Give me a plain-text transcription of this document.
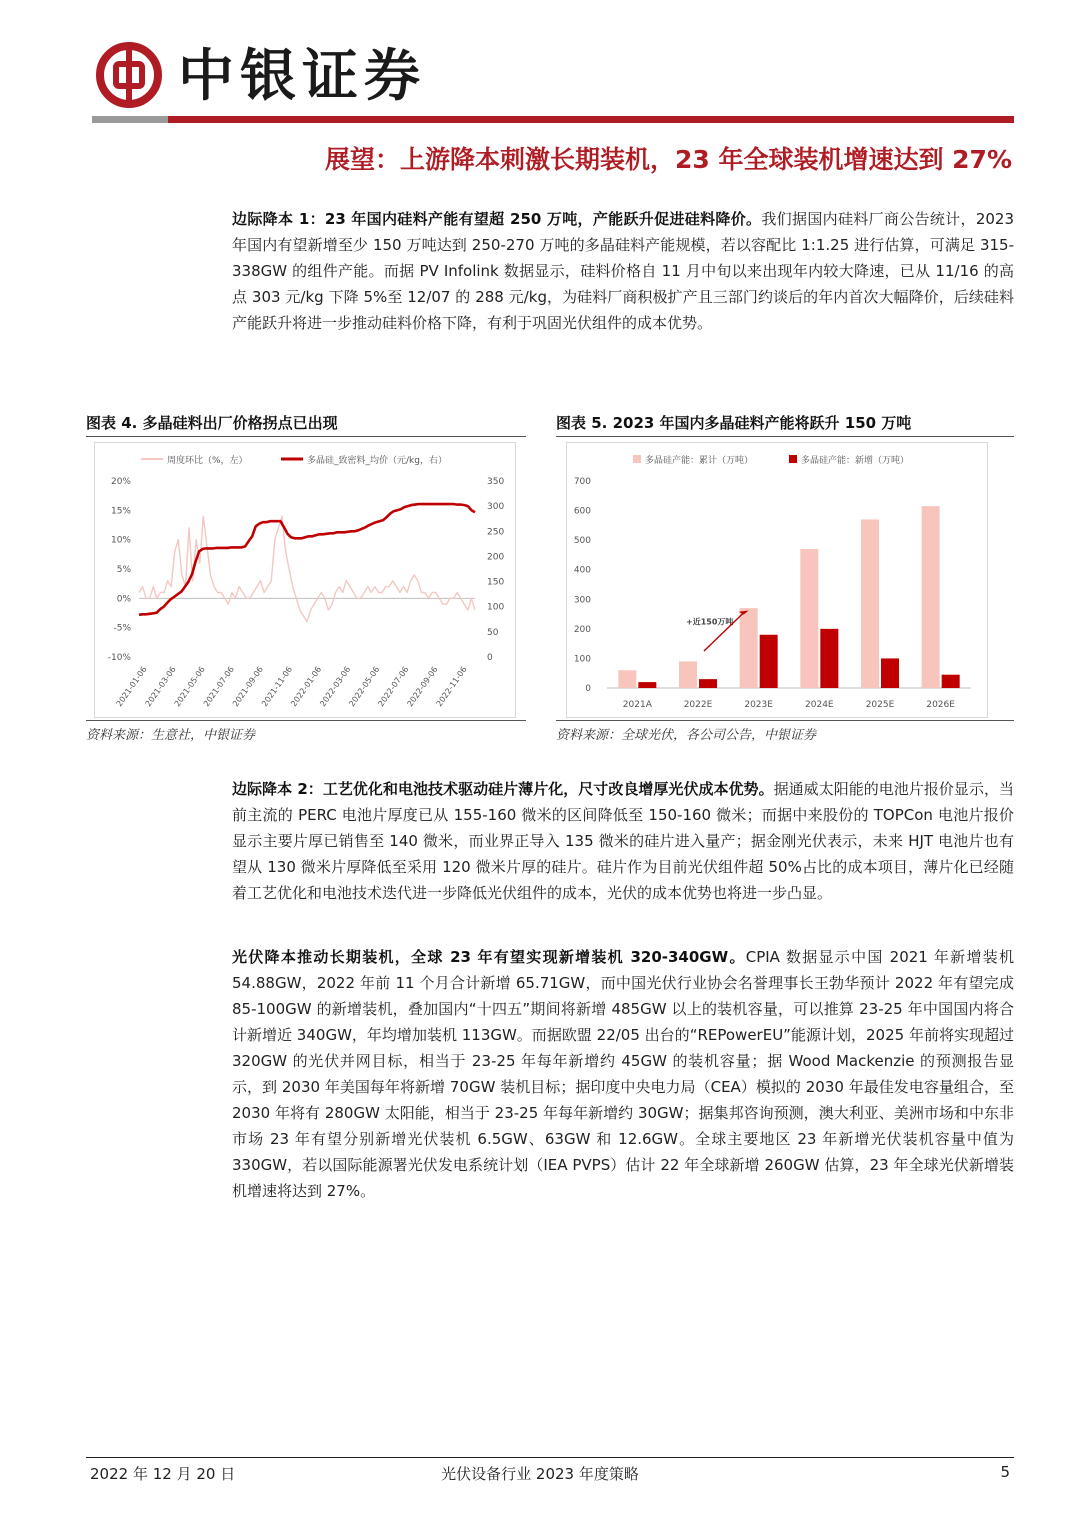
中银证券
展望：上游降本刺激长期装机，23 年全球装机增速达到 27%

边际降本 1：23 年国内硅料产能有望超 250 万吨，产能跃升促进硅料降价。我们据国内硅料厂商公告统计，2023 年国内有望新增至少 150 万吨达到 250-270 万吨的多晶硅料产能规模，若以容配比 1:1.25 进行估算，可满足 315-338GW 的组件产能。而据 PV Infolink 数据显示，硅料价格自 11 月中旬以来出现年内较大降速，已从 11/16 的高点 303 元/kg 下降 5%至 12/07 的 288 元/kg，为硅料厂商积极扩产且三部门约谈后的年内首次大幅降价，后续硅料产能跃升将进一步推动硅料价格下降，有利于巩固光伏组件的成本优势。

图表 4. 多晶硅料出厂价格拐点已出现
周度环比（%，左）	多晶硅_致密料_均价（元/kg，右）
20%
15%
10%
5%
0%
-5%
-10%
350
300
250
200
150
100
50
0
2021-01-06
2021-03-06
2021-05-06
2021-07-06
2021-09-06
2021-11-06
2022-01-06
2022-03-06
2022-05-06
2022-07-06
2022-09-06
2022-11-06
资料来源：生意社，中银证券
图表 5. 2023 年国内多晶硅料产能将跃升 150 万吨
多晶硅产能：累计（万吨）	多晶硅产能：新增（万吨）
700
600
500
400
300
200
100
0
2021A	2022E	2023E	2024E	2025E	2026E
+近150万吨
资料来源：全球光伏，各公司公告，中银证券

边际降本 2：工艺优化和电池技术驱动硅片薄片化，尺寸改良增厚光伏成本优势。据通威太阳能的电池片报价显示，当前主流的 PERC 电池片厚度已从 155-160 微米的区间降低至 150-160 微米；而据中来股份的 TOPCon 电池片报价显示主要片厚已销售至 140 微米，而业界正导入 135 微米的硅片进入量产；据金刚光伏表示，未来 HJT 电池片也有望从 130 微米片厚降低至采用 120 微米片厚的硅片。硅片作为目前光伏组件超 50%占比的成本项目，薄片化已经随着工艺优化和电池技术迭代进一步降低光伏组件的成本，光伏的成本优势也将进一步凸显。

光伏降本推动长期装机，全球 23 年有望实现新增装机 320-340GW。CPIA 数据显示中国 2021 年新增装机 54.88GW，2022 年前 11 个月合计新增 65.71GW，而中国光伏行业协会名誉理事长王勃华预计 2022 年有望完成 85-100GW 的新增装机，叠加国内“十四五”期间将新增 485GW 以上的装机容量，可以推算 23-25 年中国国内将合计新增近 340GW，年均增加装机 113GW。而据欧盟 22/05 出台的“REPowerEU”能源计划，2025 年前将实现超过 320GW 的光伏并网目标，相当于 23-25 年每年新增约 45GW 的装机容量；据 Wood Mackenzie 的预测报告显示，到 2030 年美国每年将新增 70GW 装机目标；据印度中央电力局（CEA）模拟的 2030 年最佳发电容量组合，至 2030 年将有 280GW 太阳能，相当于 23-25 年每年新增约 30GW；据集邦咨询预测，澳大利亚、美洲市场和中东非市场 23 年有望分别新增光伏装机 6.5GW、63GW 和 12.6GW。全球主要地区 23 年新增光伏装机容量中值为 330GW，若以国际能源署光伏发电系统计划（IEA PVPS）估计 22 年全球新增 260GW 估算，23 年全球光伏新增装机增速将达到 27%。

2022 年 12 月 20 日	光伏设备行业 2023 年度策略	5
